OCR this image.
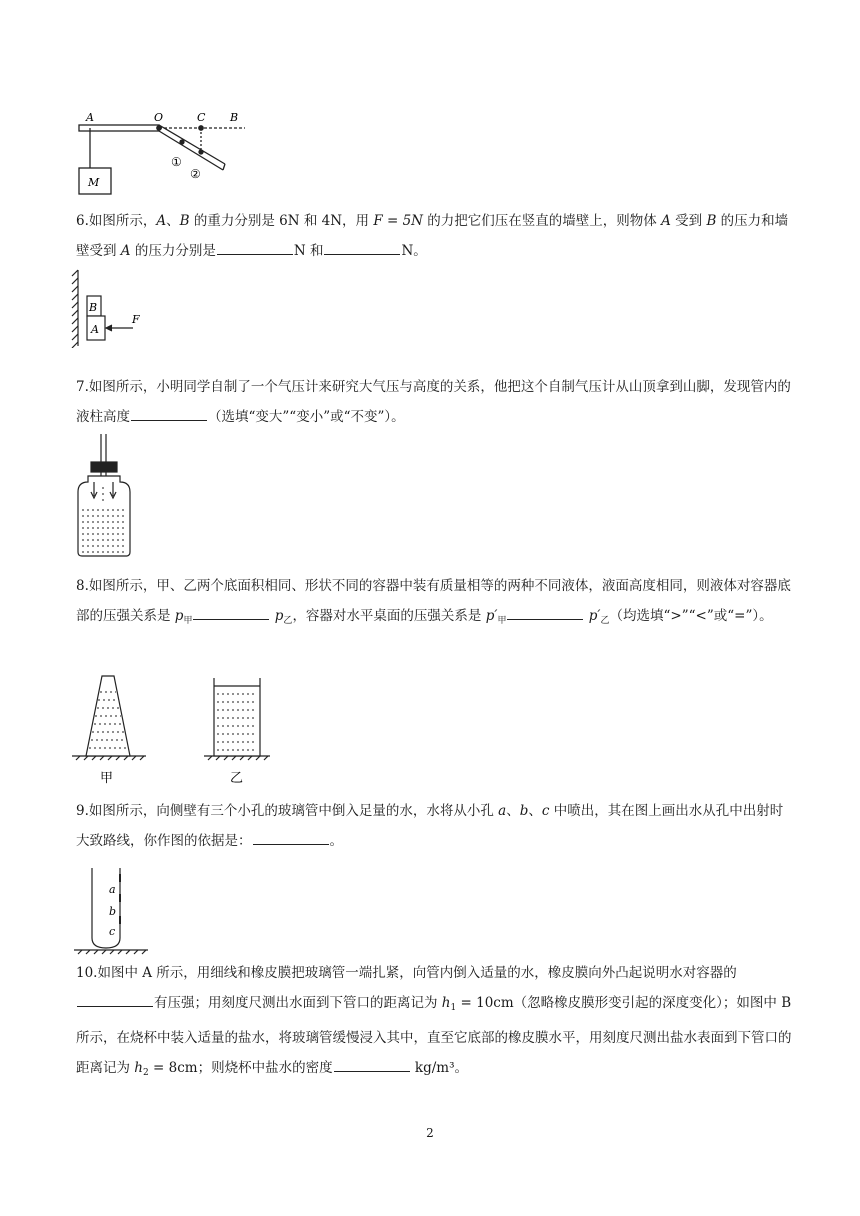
A	O	C B
M
①
②

6.如图所示，A、B 的重力分别是 6N 和 4N，用 F = 5N 的力把它们压在竖直的墙壁上，则物体 A 受到 B 的压力和墙壁受到 A 的压力分别是	N 和	N。

B
A
F

7.如图所示，小明同学自制了一个气压计来研究大气压与高度的关系，他把这个自制气压计从山顶拿到山脚，发现管内的液柱高度	（选填“变大”“变小”或“不变”）。

8.如图所示，甲、乙两个底面积相同、形状不同的容器中装有质量相等的两种不同液体，液面高度相同，则液体对容器底部的压强关系是 $p_甲$	$p_乙$，容器对水平桌面的压强关系是 $p'_甲$	$p'_乙$（均选填“>”“<”或“=”）。

甲	乙

9.如图所示，向侧壁有三个小孔的玻璃管中倒入足量的水，水将从小孔 a、b、c 中喷出，其在图上画出水从孔中出射时大致路线，你作图的依据是：	。

a
b
c

10.如图中 A 所示，用细线和橡皮膜把玻璃管一端扎紧，向管内倒入适量的水，橡皮膜向外凸起说明水对容器的有压强；用刻度尺测出水面到下管口的距离记为 $h_1 = 10cm$（忽略橡皮膜形变引起的深度变化）；如图中 B 所示，在烧杯中装入适量的盐水，将玻璃管缓慢浸入其中，直至它底部的橡皮膜水平，用刻度尺测出盐水表面到下管口的距离记为 $h_2 = 8cm$；则烧杯中盐水的密度	kg/m³。

2
